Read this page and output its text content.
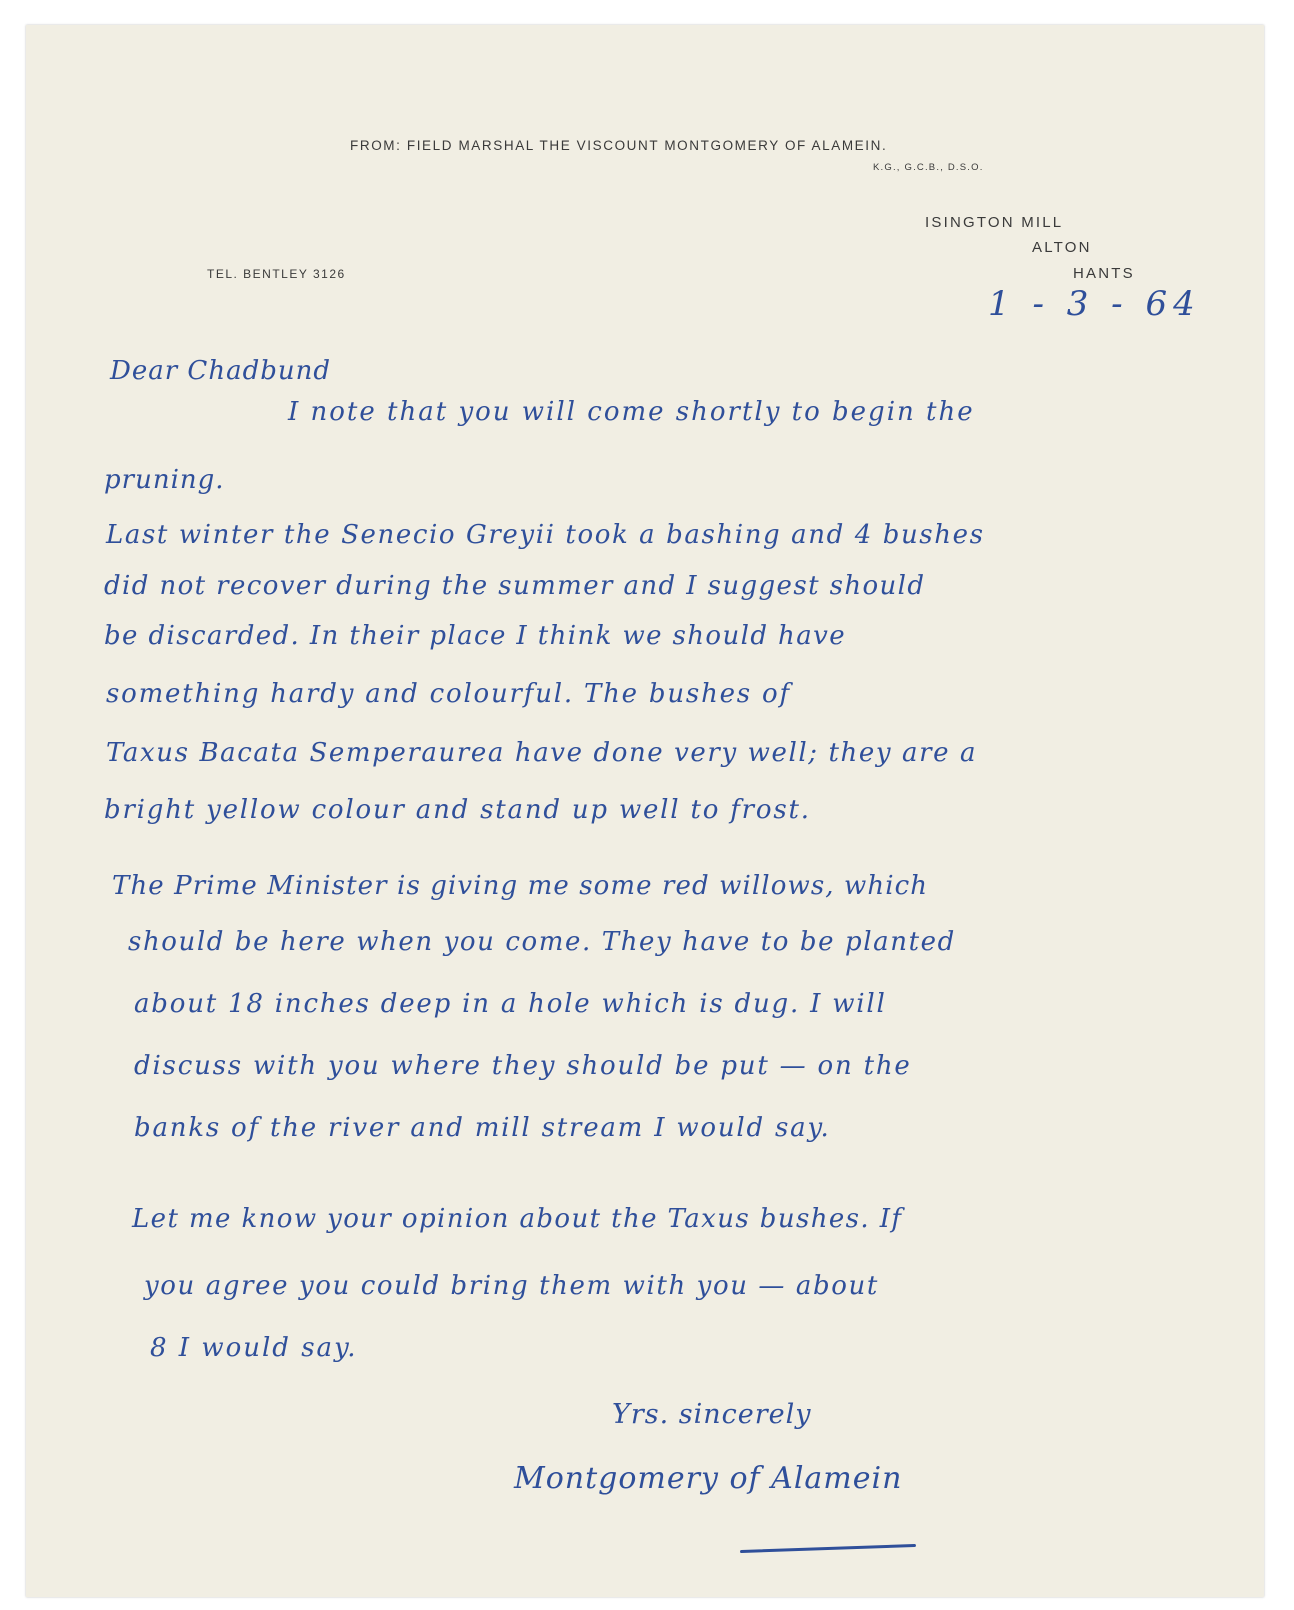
FROM: FIELD MARSHAL THE VISCOUNT MONTGOMERY OF ALAMEIN.
K.G., G.C.B., D.S.O.
ISINGTON MILL
ALTON
HANTS
TEL. BENTLEY 3126
1 - 3 - 64
Dear Chadbund
I note that you will come shortly to begin the
pruning.
Last winter the Senecio Greyii took a bashing and 4 bushes
did not recover during the summer and I suggest should
be discarded. In their place I think we should have
something hardy and colourful. The bushes of
Taxus Bacata Semperaurea have done very well; they are a
bright yellow colour and stand up well to frost.
The Prime Minister is giving me some red willows, which
should be here when you come. They have to be planted
about 18 inches deep in a hole which is dug. I will
discuss with you where they should be put — on the
banks of the river and mill stream I would say.
Let me know your opinion about the Taxus bushes. If
you agree you could bring them with you — about
8 I would say.
Yrs. sincerely
Montgomery of Alamein
